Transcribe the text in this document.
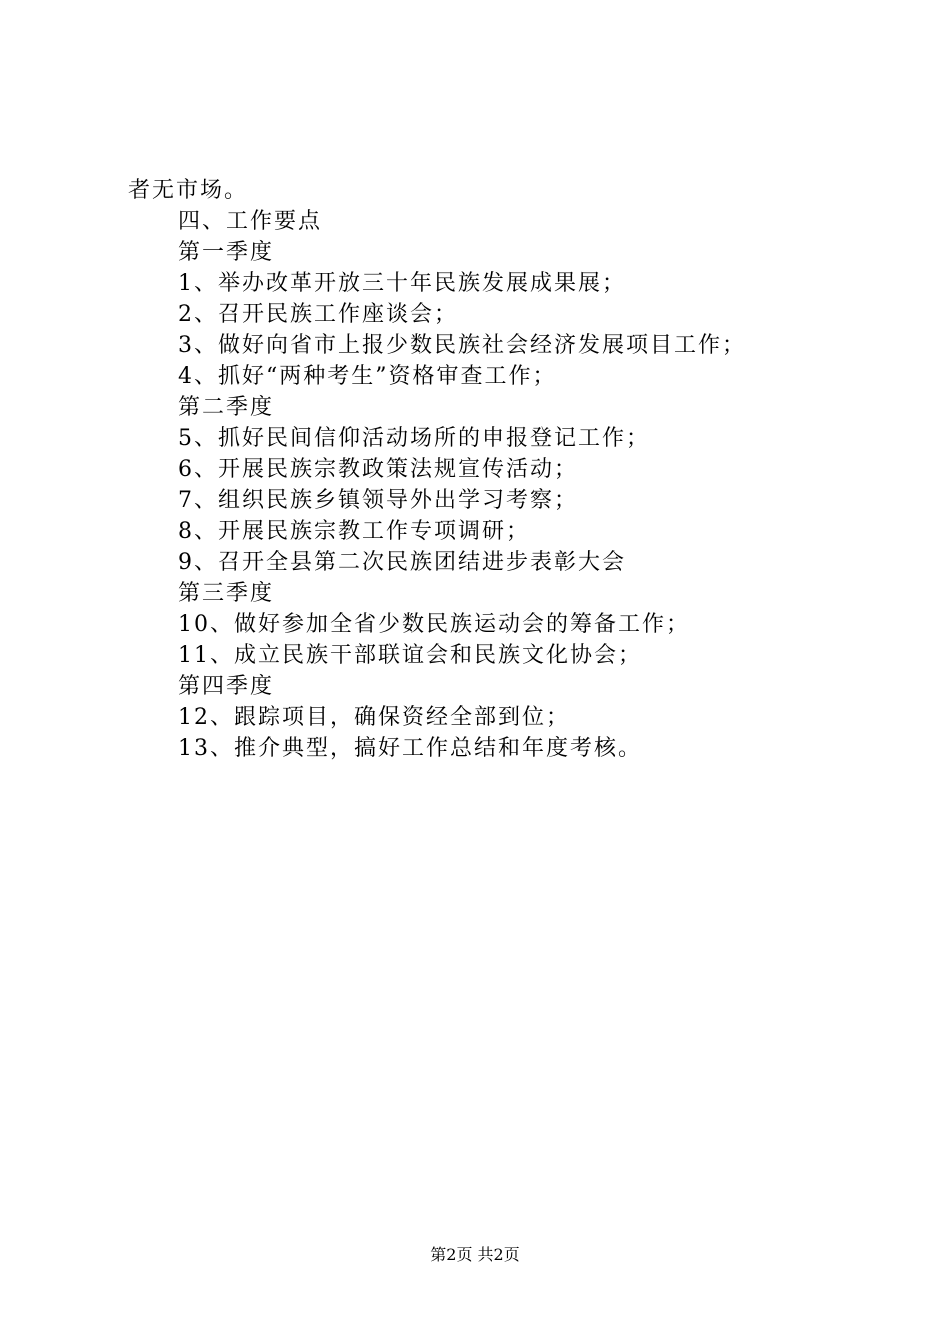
者无市场。
四、工作要点
第一季度
1、举办改革开放三十年民族发展成果展；
2、召开民族工作座谈会；
3、做好向省市上报少数民族社会经济发展项目工作；
4、抓好“两种考生”资格审查工作；
第二季度
5、抓好民间信仰活动场所的申报登记工作；
6、开展民族宗教政策法规宣传活动；
7、组织民族乡镇领导外出学习考察；
8、开展民族宗教工作专项调研；
9、召开全县第二次民族团结进步表彰大会
第三季度
10、做好参加全省少数民族运动会的筹备工作；
11、成立民族干部联谊会和民族文化协会；
第四季度
12、跟踪项目，确保资经全部到位；
13、推介典型，搞好工作总结和年度考核。
第2页 共2页
